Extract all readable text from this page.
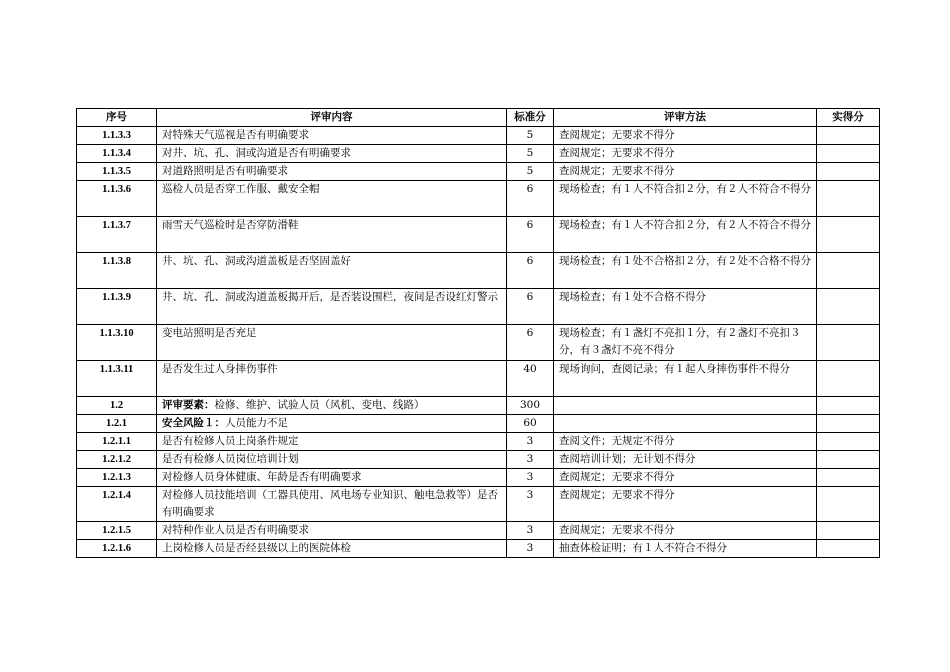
序号	评审内容	标准分	评审方法	实得分
1.1.3.3	对特殊天气巡视是否有明确要求	5	查阅规定；无要求不得分	
1.1.3.4	对井、坑、孔、洞或沟道是否有明确要求	5	查阅规定；无要求不得分	
1.1.3.5	对道路照明是否有明确要求	5	查阅规定；无要求不得分	
1.1.3.6	巡检人员是否穿工作服、戴安全帽	6	现场检查；有１人不符合扣２分，有２人不符合不得分	
1.1.3.7	雨雪天气巡检时是否穿防滑鞋	6	现场检查；有１人不符合扣２分，有２人不符合不得分	
1.1.3.8	井、坑、孔、洞或沟道盖板是否坚固盖好	6	现场检查；有１处不合格扣２分，有２处不合格不得分	
1.1.3.9	井、坑、孔、洞或沟道盖板揭开后，是否装设围栏，夜间是否设红灯警示	6	现场检查；有１处不合格不得分	
1.1.3.10	变电站照明是否充足	6	现场检查；有１盏灯不亮扣１分，有２盏灯不亮扣３分，有３盏灯不亮不得分	
1.1.3.11	是否发生过人身摔伤事件	40	现场询问，查阅记录；有１起人身摔伤事件不得分	
1.2	评审要素：检修、维护、试验人员（风机、变电、线路）	300		
1.2.1	安全风险１：人员能力不足	60		
1.2.1.1	是否有检修人员上岗条件规定	3	查阅文件；无规定不得分	
1.2.1.2	是否有检修人员岗位培训计划	3	查阅培训计划；无计划不得分	
1.2.1.3	对检修人员身体健康、年龄是否有明确要求	3	查阅规定；无要求不得分	
1.2.1.4	对检修人员技能培训（工器具使用、风电场专业知识、触电急救等）是否有明确要求	3	查阅规定；无要求不得分	
1.2.1.5	对特种作业人员是否有明确要求	3	查阅规定；无要求不得分	
1.2.1.6	上岗检修人员是否经县级以上的医院体检	3	抽查体检证明；有１人不符合不得分	
